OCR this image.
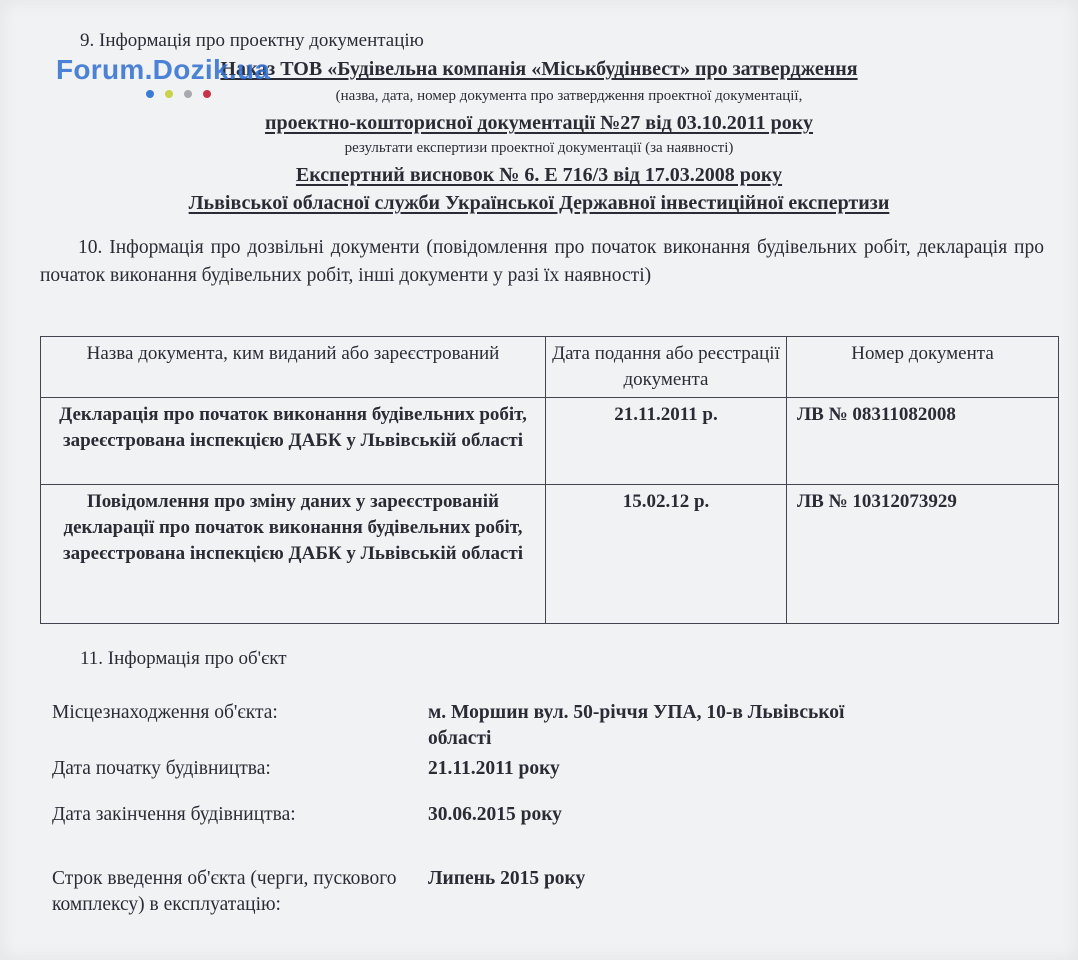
9. Інформація про проектну документацію
Наказ ТОВ «Будівельна компанія «Міськбудінвест» про затвердження
(назва, дата, номер документа про затвердження проектної документації,
проектно-кошторисної документації №27 від 03.10.2011 року
результати експертизи проектної документації (за наявності)
Експертний висновок № 6. Е 716/3 від 17.03.2008 року
Львівської обласної служби Української Державної інвестиційної експертизи
Forum.Dozik.ua
10. Інформація про дозвільні документи (повідомлення про початок виконання будівельних робіт, декларація про початок виконання будівельних робіт, інші документи у разі їх наявності)
Назва документа, ким виданий або зареєстрований	Дата подання або реєстрації документа	Номер документа
Декларація про початок виконання будівельних робіт, зареєстрована інспекцією ДАБК у Львівській області	21.11.2011 р.	ЛВ № 08311082008
Повідомлення про зміну даних у зареєстрованій декларації про початок виконання будівельних робіт, зареєстрована інспекцією ДАБК у Львівській області	15.02.12 р.	ЛВ № 10312073929
11. Інформація про об'єкт
Місцезнаходження об'єкта:	м. Моршин вул. 50-річчя УПА, 10-в Львівської області
Дата початку будівництва:	21.11.2011 року
Дата закінчення будівництва:	30.06.2015 року
Строк введення об'єкта (черги, пускового комплексу) в експлуатацію:
Липень 2015 року
